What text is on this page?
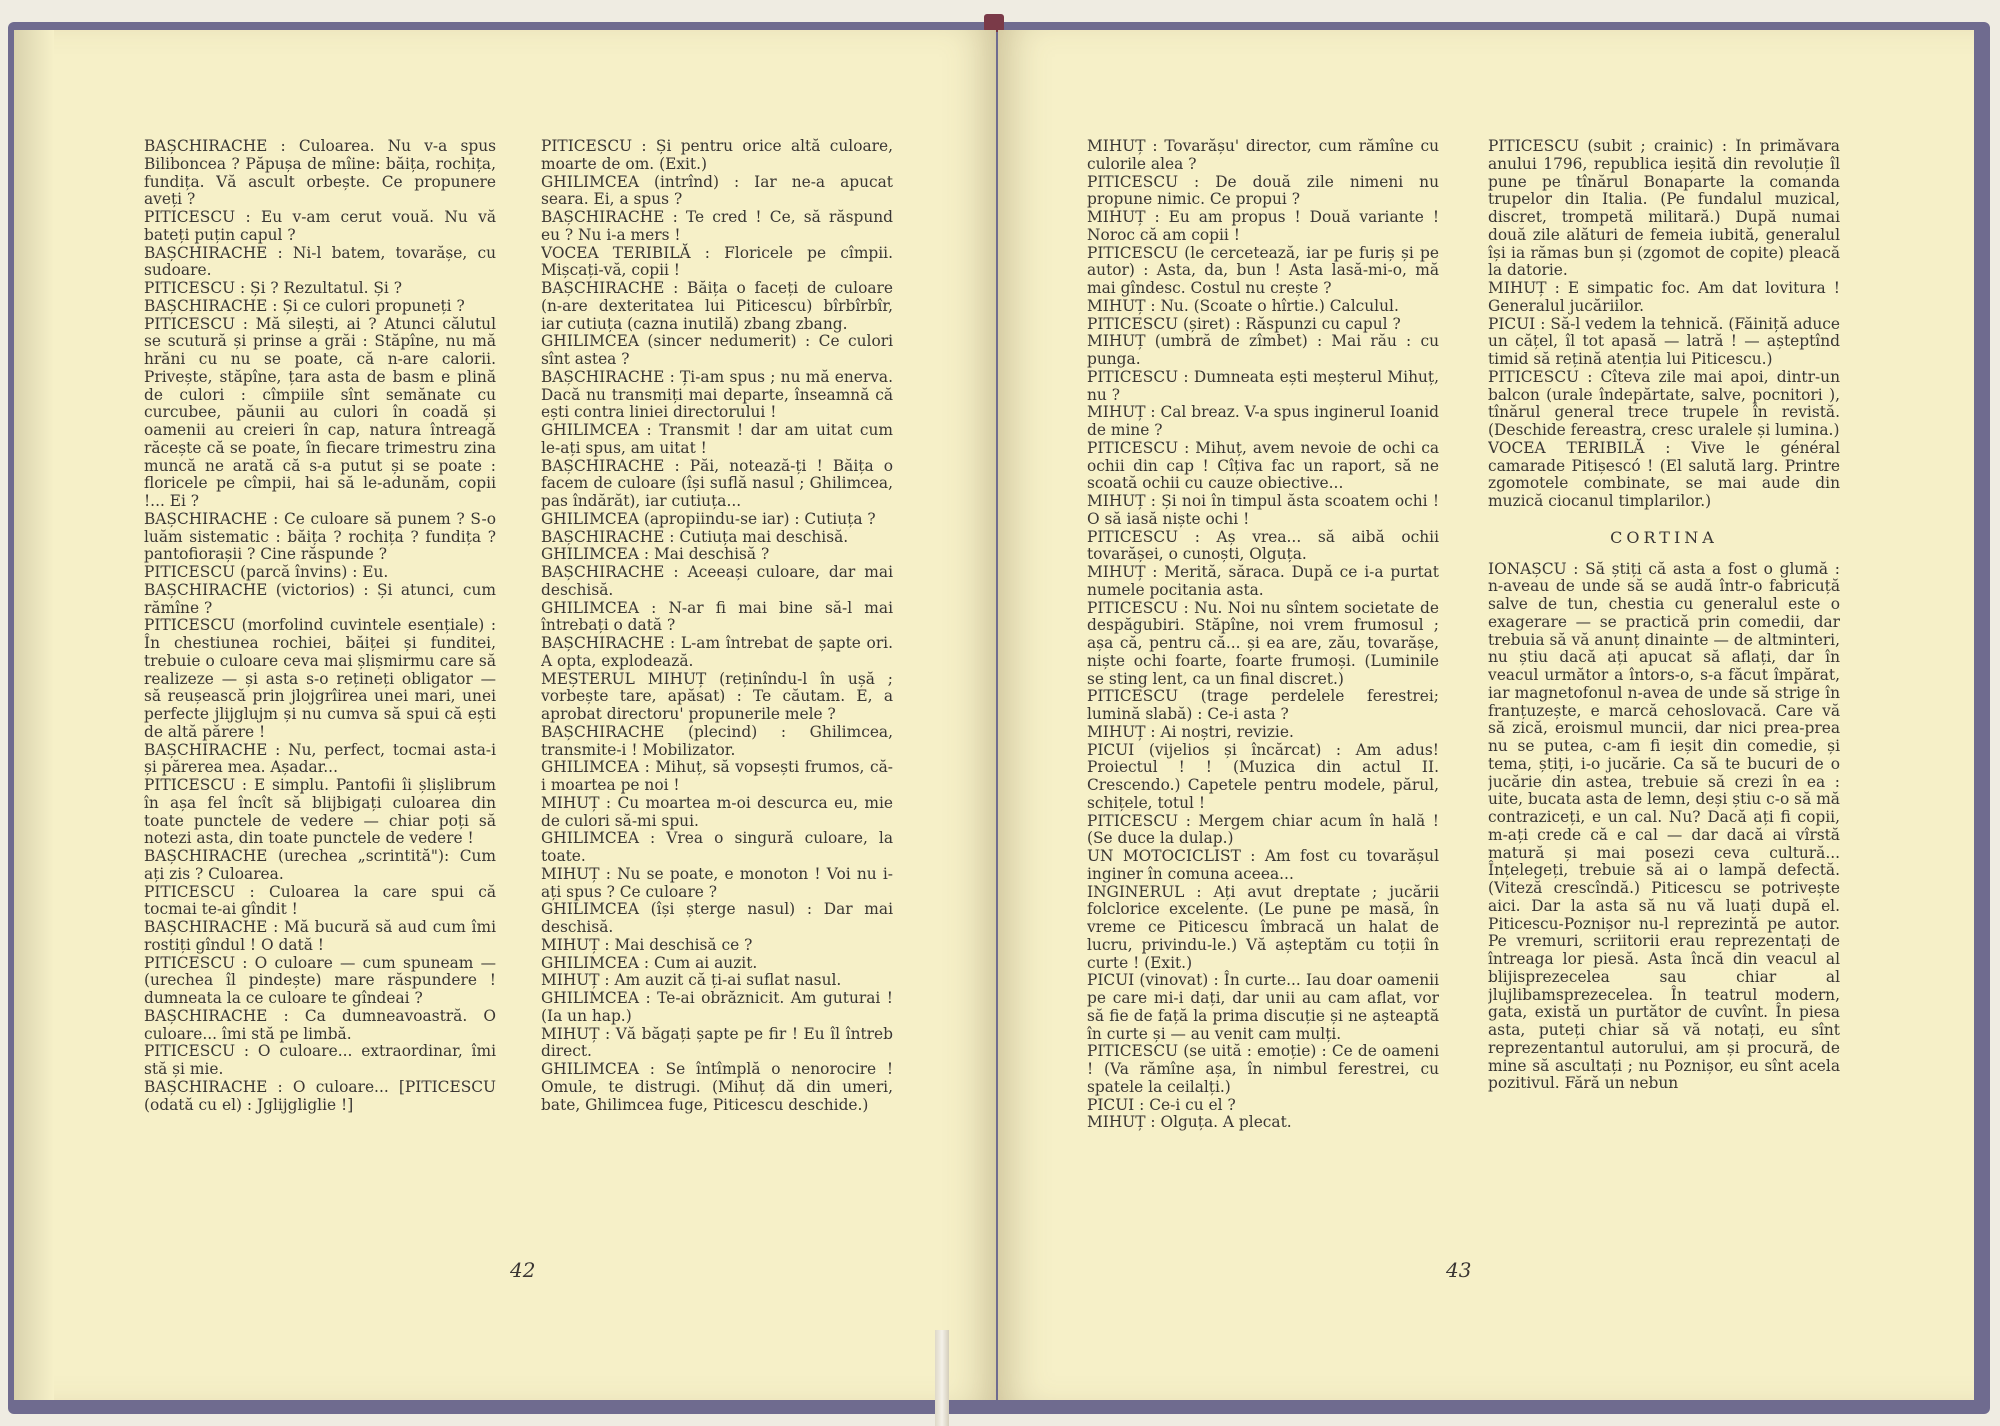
BAȘCHIRACHE : Culoarea. Nu v-a spus Biliboncea ? Păpușa de mîine: băița, rochița, fundița. Vă ascult orbește. Ce propunere aveți ?

PITICESCU : Eu v-am cerut vouă. Nu vă bateți puțin capul ?

BAȘCHIRACHE : Ni-l batem, tovarășe, cu sudoare.

PITICESCU : Și ? Rezultatul. Și ?

BAȘCHIRACHE : Și ce culori propuneți ?

PITICESCU : Mă silești, ai ? Atunci călutul se scutură și prinse a grăi : Stăpîne, nu mă hrăni cu nu se poate, că n-are calorii. Privește, stăpîne, țara asta de basm e plină de culori : cîmpiile sînt semănate cu curcubee, păunii au culori în coadă și oamenii au creieri în cap, natura întreagă răcește că se poate, în fiecare trimestru zina muncă ne arată că s-a putut și se poate : floricele pe cîmpii, hai să le-adunăm, copii !... Ei ?

BAȘCHIRACHE : Ce culoare să punem ? S-o luăm sistematic : băița ? rochița ? fundița ? pantofiorașii ? Cine răspunde ?

PITICESCU (parcă învins) : Eu.

BAȘCHIRACHE (victorios) : Și atunci, cum rămîne ?

PITICESCU (morfolind cuvintele esențiale) : În chestiunea rochiei, băiței și funditei, trebuie o culoare ceva mai șlișmirmu care să realizeze — și asta s-o rețineți obligator — să reușească prin jlojgrîirea unei mari, unei perfecte jlijglujm și nu cumva să spui că ești de altă părere !

BAȘCHIRACHE : Nu, perfect, tocmai asta-i și părerea mea. Așadar...

PITICESCU : E simplu. Pantofii îi șlișlibrum în așa fel încît să blijbigați culoarea din toate punctele de vedere — chiar poți să notezi asta, din toate punctele de vedere !

BAȘCHIRACHE (urechea „scrintită"): Cum ați zis ? Culoarea.

PITICESCU : Culoarea la care spui că tocmai te-ai gîndit !

BAȘCHIRACHE : Mă bucură să aud cum îmi rostiți gîndul ! O dată !

PITICESCU : O culoare — cum spuneam — (urechea îl pindește) mare răspundere ! dumneata la ce culoare te gîndeai ?

BAȘCHIRACHE : Ca dumneavoastră. O culoare... îmi stă pe limbă.

PITICESCU : O culoare... extraordinar, îmi stă și mie.

BAȘCHIRACHE : O culoare... [PITICESCU (odată cu el) : Jglijgliglie !]

PITICESCU : Și pentru orice altă culoare, moarte de om. (Exit.)

GHILIMCEA (intrînd) : Iar ne-a apucat seara. Ei, a spus ?

BAȘCHIRACHE : Te cred ! Ce, să răspund eu ? Nu i-a mers !

VOCEA TERIBILĂ : Floricele pe cîmpii. Mișcați-vă, copii !

BAȘCHIRACHE : Băița o faceți de culoare (n-are dexteritatea lui Piticescu) bîrbîrbîr, iar cutiuța (cazna inutilă) zbang zbang.

GHILIMCEA (sincer nedumerit) : Ce culori sînt astea ?

BAȘCHIRACHE : Ți-am spus ; nu mă enerva. Dacă nu transmiți mai departe, înseamnă că ești contra liniei directorului !

GHILIMCEA : Transmit ! dar am uitat cum le-ați spus, am uitat !

BAȘCHIRACHE : Păi, notează-ți ! Băița o facem de culoare (își suflă nasul ; Ghilimcea, pas îndărăt), iar cutiuța...

GHILIMCEA (apropiindu-se iar) : Cutiuța ?

BAȘCHIRACHE : Cutiuța mai deschisă.

GHILIMCEA : Mai deschisă ?

BAȘCHIRACHE : Aceeași culoare, dar mai deschisă.

GHILIMCEA : N-ar fi mai bine să-l mai întrebați o dată ?

BAȘCHIRACHE : L-am întrebat de șapte ori. A opta, explodează.

MEȘTERUL MIHUȚ (reținîndu-l în ușă ; vorbește tare, apăsat) : Te căutam. E, a aprobat directoru' propunerile mele ?

BAȘCHIRACHE (plecind) : Ghilimcea, transmite-i ! Mobilizator.

GHILIMCEA : Mihuț, să vopsești frumos, că-i moartea pe noi !

MIHUȚ : Cu moartea m-oi descurca eu, mie de culori să-mi spui.

GHILIMCEA : Vrea o singură culoare, la toate.

MIHUȚ : Nu se poate, e monoton ! Voi nu i-ați spus ? Ce culoare ?

GHILIMCEA (își șterge nasul) : Dar mai deschisă.

MIHUȚ : Mai deschisă ce ?

GHILIMCEA : Cum ai auzit.

MIHUȚ : Am auzit că ți-ai suflat nasul.

GHILIMCEA : Te-ai obrăznicit. Am guturai ! (Ia un hap.)

MIHUȚ : Vă băgați șapte pe fir ! Eu îl întreb direct.

GHILIMCEA : Se întîmplă o nenorocire ! Omule, te distrugi. (Mihuț dă din umeri, bate, Ghilimcea fuge, Piticescu deschide.)

42

MIHUȚ : Tovarășu' director, cum rămîne cu culorile alea ?

PITICESCU : De două zile nimeni nu propune nimic. Ce propui ?

MIHUȚ : Eu am propus ! Două variante ! Noroc că am copii !

PITICESCU (le cercetează, iar pe furiș și pe autor) : Asta, da, bun ! Asta lasă-mi-o, mă mai gîndesc. Costul nu crește ?

MIHUȚ : Nu. (Scoate o hîrtie.) Calculul.

PITICESCU (șiret) : Răspunzi cu capul ?

MIHUȚ (umbră de zîmbet) : Mai rău : cu punga.

PITICESCU : Dumneata ești meșterul Mihuț, nu ?

MIHUȚ : Cal breaz. V-a spus inginerul Ioanid de mine ?

PITICESCU : Mihuț, avem nevoie de ochi ca ochii din cap ! Cîțiva fac un raport, să ne scoată ochii cu cauze obiective...

MIHUȚ : Și noi în timpul ăsta scoatem ochi ! O să iasă niște ochi !

PITICESCU : Aș vrea... să aibă ochii tovarășei, o cunoști, Olguța.

MIHUȚ : Merită, săraca. După ce i-a purtat numele pocitania asta.

PITICESCU : Nu. Noi nu sîntem societate de despăgubiri. Stăpîne, noi vrem frumosul ; așa că, pentru că... și ea are, zău, tovarășe, niște ochi foarte, foarte frumoși. (Luminile se sting lent, ca un final discret.)

PITICESCU (trage perdelele ferestrei; lumină slabă) : Ce-i asta ?

MIHUȚ : Ai noștri, revizie.

PICUI (vijelios și încărcat) : Am adus! Proiectul ! ! (Muzica din actul II. Crescendo.) Capetele pentru modele, părul, schițele, totul !

PITICESCU : Mergem chiar acum în hală ! (Se duce la dulap.)

UN MOTOCICLIST : Am fost cu tovarășul inginer în comuna aceea...

INGINERUL : Ați avut dreptate ; jucării folclorice excelente. (Le pune pe masă, în vreme ce Piticescu îmbracă un halat de lucru, privindu-le.) Vă așteptăm cu toții în curte ! (Exit.)

PICUI (vinovat) : În curte... Iau doar oamenii pe care mi-i dați, dar unii au cam aflat, vor să fie de față la prima discuție și ne așteaptă în curte și — au venit cam mulți.

PITICESCU (se uită : emoție) : Ce de oameni ! (Va rămîne așa, în nimbul ferestrei, cu spatele la ceilalți.)

PICUI : Ce-i cu el ?

MIHUȚ : Olguța. A plecat.

PITICESCU (subit ; crainic) : În primăvara anului 1796, republica ieșită din revoluție îl pune pe tînărul Bonaparte la comanda trupelor din Italia. (Pe fundalul muzical, discret, trompetă militară.) După numai două zile alături de femeia iubită, generalul își ia rămas bun și (zgomot de copite) pleacă la datorie.

MIHUȚ : E simpatic foc. Am dat lovitura ! Generalul jucăriilor.

PICUI : Să-l vedem la tehnică. (Făiniță aduce un cățel, îl tot apasă — latră ! — așteptînd timid să rețină atenția lui Piticescu.)

PITICESCU : Cîteva zile mai apoi, dintr-un balcon (urale îndepărtate, salve, pocnitori ), tînărul general trece trupele în revistă. (Deschide fereastra, cresc uralele și lumina.)

VOCEA TERIBILĂ : Vive le général camarade Pitișescó ! (El salută larg. Printre zgomotele combinate, se mai aude din muzică ciocanul timplarilor.)

CORTINA

IONAȘCU : Să știți că asta a fost o glumă : n-aveau de unde să se audă într-o fabricuță salve de tun, chestia cu generalul este o exagerare — se practică prin comedii, dar trebuia să vă anunț dinainte — de altminteri, nu știu dacă ați apucat să aflați, dar în veacul următor a întors-o, s-a făcut împărat, iar magnetofonul n-avea de unde să strige în franțuzește, e marcă cehoslovacă. Care vă să zică, eroismul muncii, dar nici prea-prea nu se putea, c-am fi ieșit din comedie, și tema, știți, i-o jucărie. Ca să te bucuri de o jucărie din astea, trebuie să crezi în ea : uite, bucata asta de lemn, deși știu c-o să mă contraziceți, e un cal. Nu? Dacă ați fi copii, m-ați crede că e cal — dar dacă ai vîrstă matură și mai posezi ceva cultură... Înțelegeți, trebuie să ai o lampă defectă. (Viteză crescîndă.) Piticescu se potrivește aici. Dar la asta să nu vă luați după el. Piticescu-Poznișor nu-l reprezintă pe autor. Pe vremuri, scriitorii erau reprezentați de întreaga lor piesă. Asta încă din veacul al blijisprezecelea sau chiar al jlujlibamsprezecelea. În teatrul modern, gata, există un purtător de cuvînt. În piesa asta, puteți chiar să vă notați, eu sînt reprezentantul autorului, am și procură, de mine să ascultați ; nu Poznișor, eu sînt acela pozitivul. Fără un nebun

43
